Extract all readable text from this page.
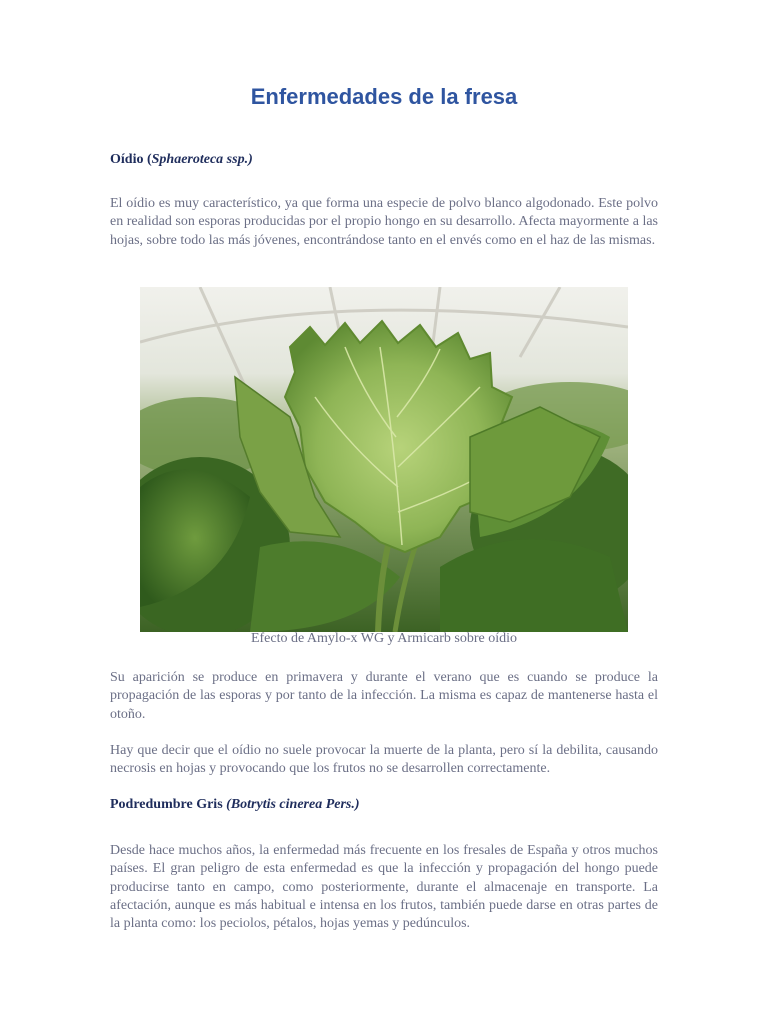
Enfermedades de la fresa

Oídio (Sphaeroteca ssp.)

El oídio es muy característico, ya que forma una especie de polvo blanco algodonado. Este polvo en realidad son esporas producidas por el propio hongo en su desarrollo. Afecta mayormente a las hojas, sobre todo las más jóvenes, encontrándose tanto en el envés como en el haz de las mismas.

Efecto de Amylo-x WG y Armicarb sobre oídio

Su aparición se produce en primavera y durante el verano que es cuando se produce la propagación de las esporas y por tanto de la infección. La misma es capaz de mantenerse hasta el otoño.

Hay que decir que el oídio no suele provocar la muerte de la planta, pero sí la debilita, causando necrosis en hojas y provocando que los frutos no se desarrollen correctamente.

Podredumbre Gris (Botrytis cinerea Pers.)

Desde hace muchos años, la enfermedad más frecuente en los fresales de España y otros muchos países. El gran peligro de esta enfermedad es que la infección y propagación del hongo puede producirse tanto en campo, como posteriormente, durante el almacenaje en transporte. La afectación, aunque es más habitual e intensa en los frutos, también puede darse en otras partes de la planta como: los peciolos, pétalos, hojas yemas y pedúnculos.
